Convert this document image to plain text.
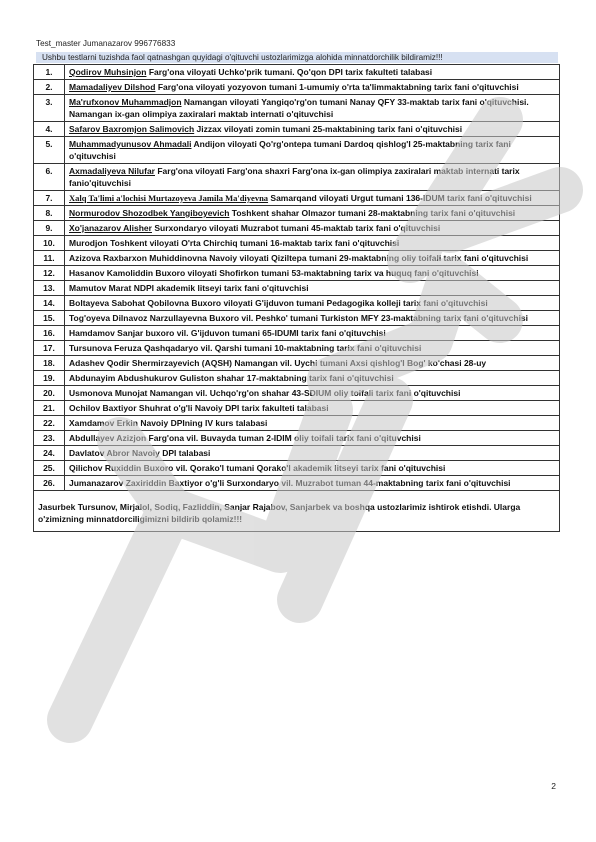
Test_master Jumanazarov 996776833
Ushbu testlarni tuzishda faol qatnashgan quyidagi o'qituvchi ustozlarimizga alohida minnatdorchilik bildiramiz!!!
1.	Qodirov Muhsinjon Farg'ona viloyati Uchko'prik tumani. Qo'qon DPI tarix fakulteti talabasi
2.	Mamadaliyev Dilshod Farg'ona viloyati yozyovon tumani 1-umumiy o'rta ta'limmaktabning tarix fani o'qituvchisi
3.	Ma'rufxonov Muhammadjon Namangan viloyati Yangiqo'rg'on tumani Nanay QFY 33-maktab tarix fani o'qituvchisi. Namangan ix-gan olimpiya zaxiralari maktab internati o'qituvchisi
4.	Safarov Baxromjon Salimovich Jizzax viloyati zomin tumani 25-maktabining tarix fani o'qituvchisi
5.	Muhammadyunusov Ahmadali Andijon viloyati Qo'rg'ontepa tumani Dardoq qishlog'I 25-maktabning tarix fani o'qituvchisi
6.	Axmadaliyeva Nilufar Farg'ona viloyati Farg'ona shaxri Farg'ona ix-gan olimpiya zaxiralari maktab internati tarix fanio'qituvchisi
7.	Xalq Ta'limi a'lochisi Murtazoyeva Jamila Ma'diyevna Samarqand viloyati Urgut tumani 136-IDUM tarix fani o'qituvchisi
8.	Normurodov Shozodbek Yangiboyevich Toshkent shahar Olmazor tumani 28-maktabning tarix fani o'qituvchisi
9.	Xo'janazarov Alisher Surxondaryo viloyati Muzrabot tumani 45-maktab tarix fani o'qituvchisi
10.	Murodjon Toshkent viloyati O'rta Chirchiq tumani 16-maktab tarix fani o'qituvchisi
11.	Azizova Raxbarxon Muhiddinovna Navoiy viloyati Qiziltepa tumani 29-maktabning oliy toifali tarix fani o'qituvchisi
12.	Hasanov Kamoliddin Buxoro viloyati Shofirkon tumani 53-maktabning tarix va huquq fani o'qituvchisi
13.	Mamutov Marat NDPI akademik litseyi tarix fani o'qituvchisi
14.	Boltayeva Sabohat Qobilovna Buxoro viloyati G'ijduvon tumani Pedagogika kolleji tarix fani o'qituvchisi
15.	Tog'oyeva Dilnavoz Narzullayevna Buxoro vil. Peshko' tumani Turkiston MFY 23-maktabning tarix fani o'qituvchisi
16.	Hamdamov Sanjar buxoro vil. G'ijduvon tumani 65-IDUMI tarix fani o'qituvchisi
17.	Tursunova Feruza Qashqadaryo vil. Qarshi tumani 10-maktabning tarix fani o'qituvchisi
18.	Adashev Qodir Shermirzayevich (AQSH) Namangan vil. Uychi tumani Axsi qishlog'I Bog' ko'chasi 28-uy
19.	Abdunayim Abdushukurov Guliston shahar 17-maktabning tarix fani o'qituvchisi
20.	Usmonova Munojat Namangan vil. Uchqo'rg'on shahar 43-SDIUM oliy toifali tarix fani o'qituvchisi
21.	Ochilov Baxtiyor Shuhrat o'g'li Navoiy DPI tarix fakulteti talabasi
22.	Xamdamov Erkin Navoiy DPIning IV kurs talabasi
23.	Abdullayev Azizjon Farg'ona vil. Buvayda tuman 2-IDIM oliy toifali tarix fani o'qituvchisi
24.	Davlatov Abror Navoiy DPI talabasi
25.	Qilichov Ruxiddin Buxoro vil. Qorako'l tumani Qorako'l akademik litseyi tarix fani o'qituvchisi
26.	Jumanazarov Zaxiriddin Baxtiyor o'g'li Surxondaryo vil. Muzrabot tuman 44-maktabning tarix fani o'qituvchisi
Jasurbek Tursunov, Mirjalol, Sodiq, Fazliddin, Sanjar Rajabov, Sanjarbek va boshqa ustozlarimiz ishtirok etishdi. Ularga o'zimizning minnatdorciligimizni bildirib qolamiz!!!
2
